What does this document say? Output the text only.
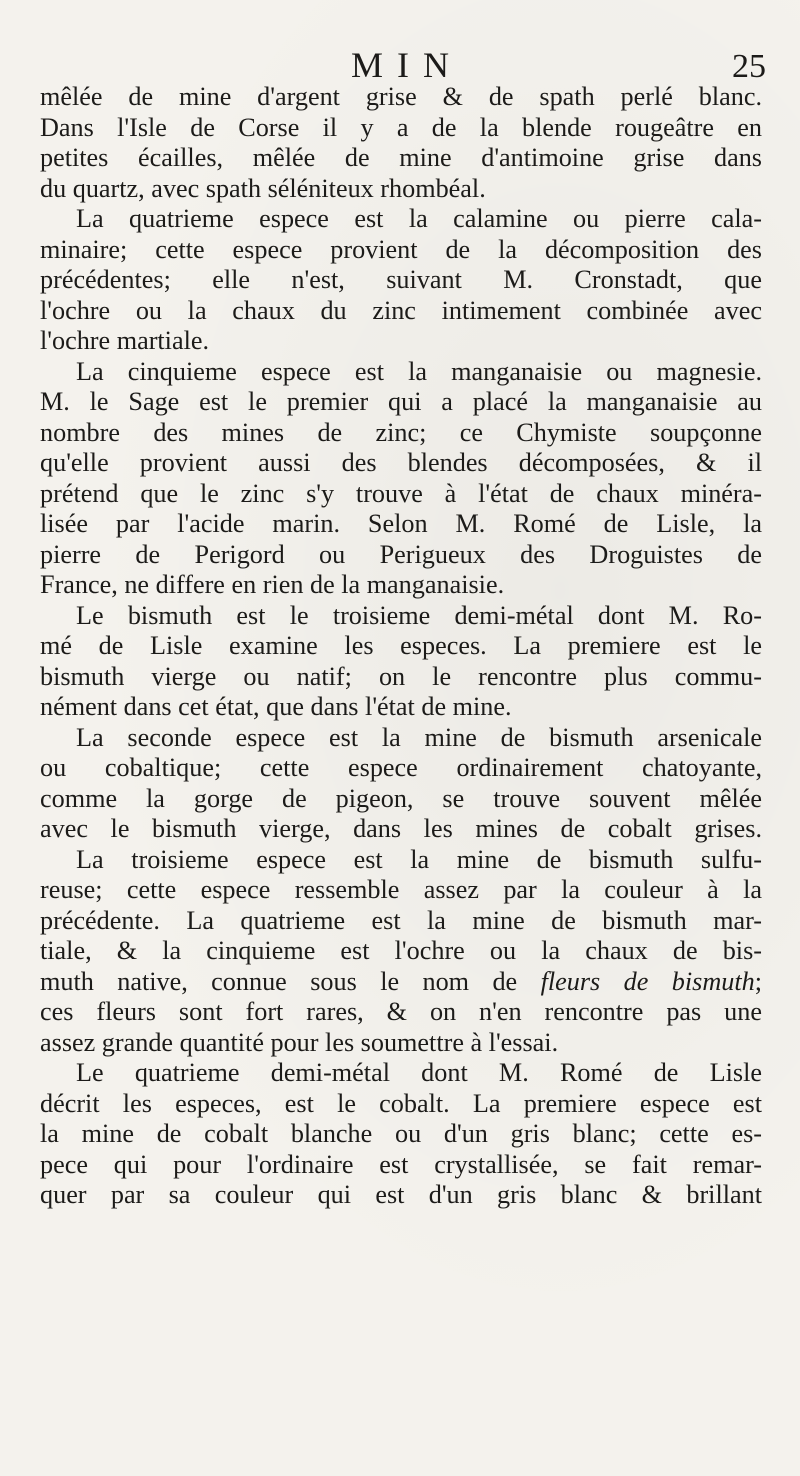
MIN	25
mêlée de mine d'argent grise & de spath perlé blanc.
Dans l'Isle de Corse il y a de la blende rougeâtre en
petites écailles, mêlée de mine d'antimoine grise dans
du quartz, avec spath séléniteux rhombéal.
La quatrieme espece est la calamine ou pierre cala-
minaire; cette espece provient de la décomposition des
précédentes; elle n'est, suivant M. Cronstadt, que
l'ochre ou la chaux du zinc intimement combinée avec
l'ochre martiale.
La cinquieme espece est la manganaisie ou magnesie.
M. le Sage est le premier qui a placé la manganaisie au
nombre des mines de zinc; ce Chymiste soupçonne
qu'elle provient aussi des blendes décomposées, & il
prétend que le zinc s'y trouve à l'état de chaux minéra-
lisée par l'acide marin. Selon M. Romé de Lisle, la
pierre de Perigord ou Perigueux des Droguistes de
France, ne differe en rien de la manganaisie.
Le bismuth est le troisieme demi-métal dont M. Ro-
mé de Lisle examine les especes. La premiere est le
bismuth vierge ou natif; on le rencontre plus commu-
nément dans cet état, que dans l'état de mine.
La seconde espece est la mine de bismuth arsenicale
ou cobaltique; cette espece ordinairement chatoyante,
comme la gorge de pigeon, se trouve souvent mêlée
avec le bismuth vierge, dans les mines de cobalt grises.
La troisieme espece est la mine de bismuth sulfu-
reuse; cette espece ressemble assez par la couleur à la
précédente. La quatrieme est la mine de bismuth mar-
tiale, & la cinquieme est l'ochre ou la chaux de bis-
muth native, connue sous le nom de fleurs de bismuth;
ces fleurs sont fort rares, & on n'en rencontre pas une
assez grande quantité pour les soumettre à l'essai.
Le quatrieme demi-métal dont M. Romé de Lisle
décrit les especes, est le cobalt. La premiere espece est
la mine de cobalt blanche ou d'un gris blanc; cette es-
pece qui pour l'ordinaire est crystallisée, se fait remar-
quer par sa couleur qui est d'un gris blanc & brillant
